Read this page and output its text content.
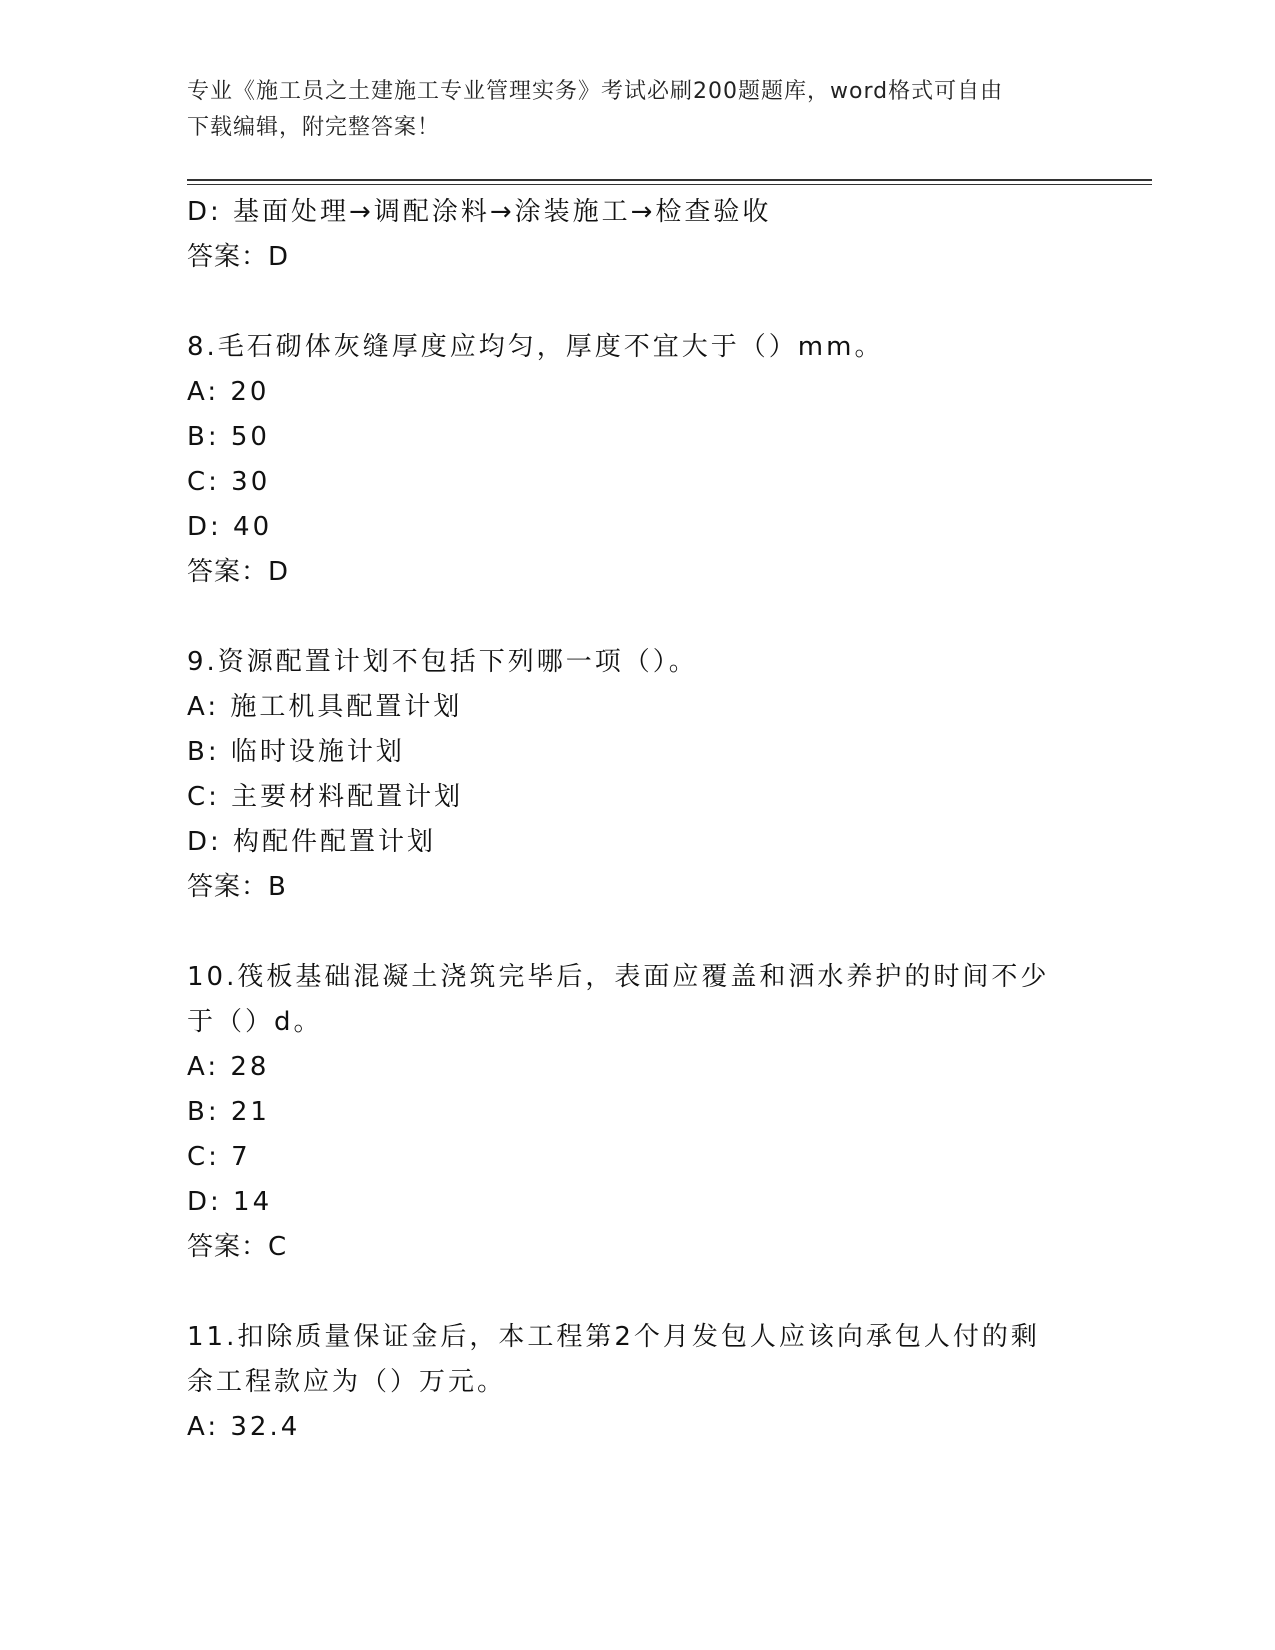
专业《施工员之土建施工专业管理实务》考试必刷200题题库，word格式可自由
下载编辑，附完整答案！
D: 基面处理→调配涂料→涂装施工→检查验收
答案：D
8.毛石砌体灰缝厚度应均匀，厚度不宜大于（）mm。
A: 20
B: 50
C: 30
D: 40
答案：D
9.资源配置计划不包括下列哪一项（）。
A: 施工机具配置计划
B: 临时设施计划
C: 主要材料配置计划
D: 构配件配置计划
答案：B
10.筏板基础混凝土浇筑完毕后，表面应覆盖和洒水养护的时间不少于（）d。
A: 28
B: 21
C: 7
D: 14
答案：C
11.扣除质量保证金后，本工程第2个月发包人应该向承包人付的剩余工程款应为（）万元。
A: 32.4
